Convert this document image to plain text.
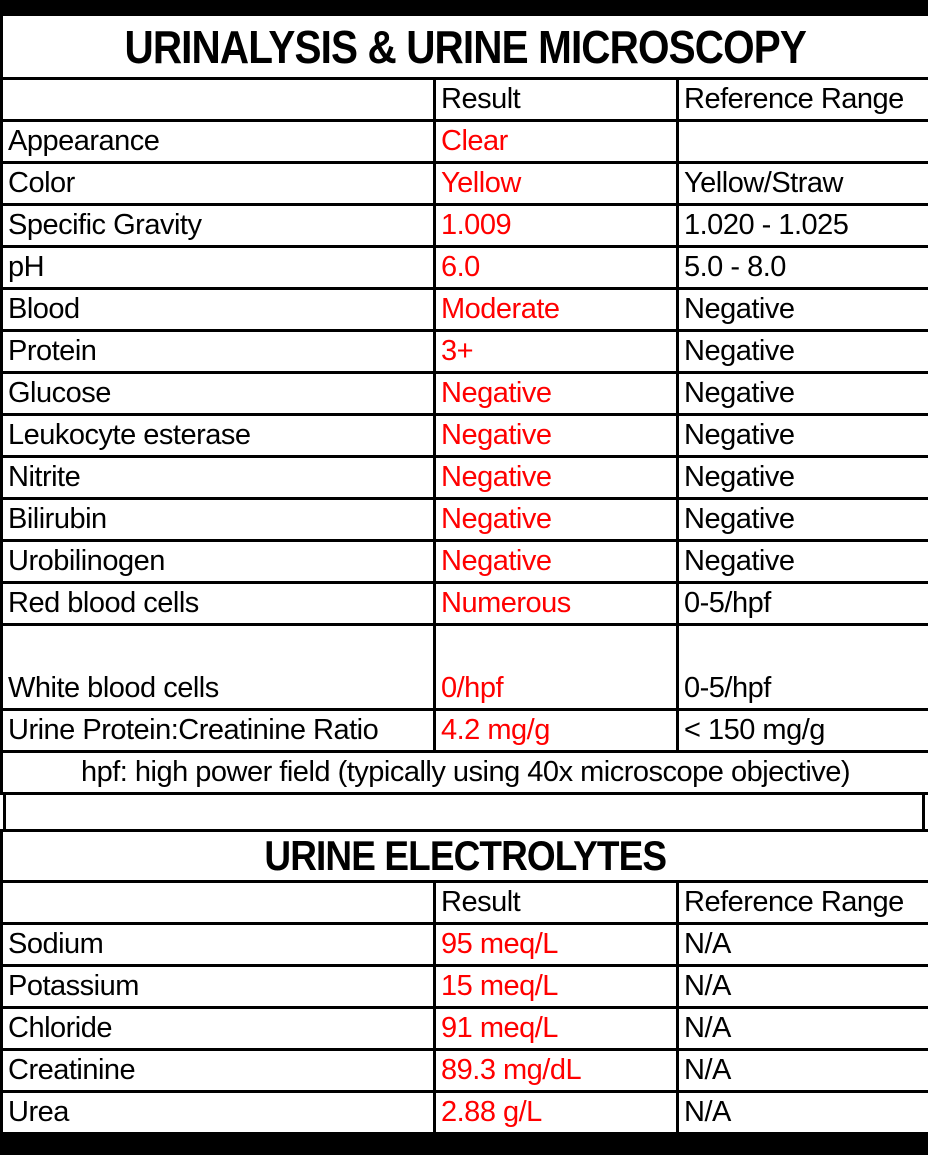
URINALYSIS & URINE MICROSCOPY		
	Result	Reference Range
Appearance	Clear	
Color	Yellow	Yellow/Straw
Specific Gravity	1.009	1.020 - 1.025
pH	6.0	5.0 - 8.0
Blood	Moderate	Negative
Protein	3+	Negative
Glucose	Negative	Negative
Leukocyte esterase	Negative	Negative
Nitrite	Negative	Negative
Bilirubin	Negative	Negative
Urobilinogen	Negative	Negative
Red blood cells	Numerous	0-5/hpf
White blood cells	0/hpf	0-5/hpf
Urine Protein:Creatinine Ratio	4.2 mg/g	< 150 mg/g
hpf: high power field (typically using 40x microscope objective)		
URINE ELECTROLYTES		
	Result	Reference Range
Sodium	95 meq/L	N/A
Potassium	15 meq/L	N/A
Chloride	91 meq/L	N/A
Creatinine	89.3 mg/dL	N/A
Urea	2.88 g/L	N/A
